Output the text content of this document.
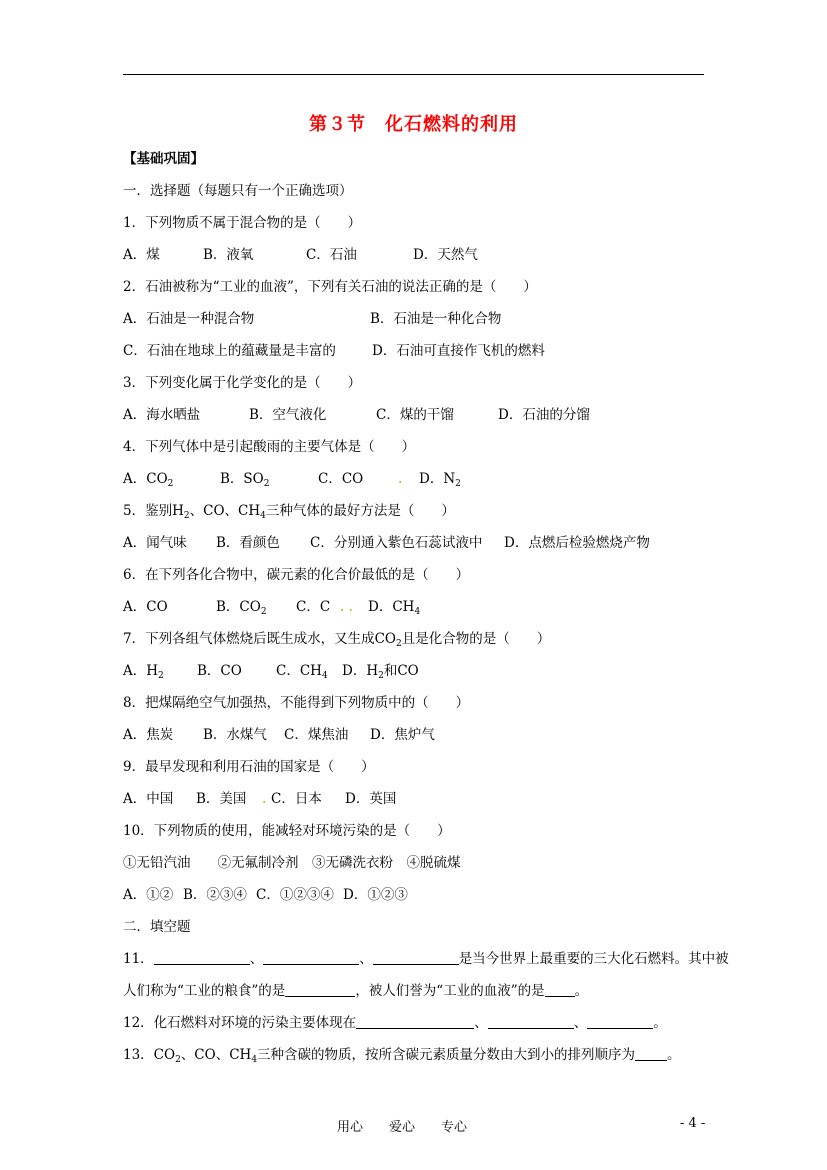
第３节　化石燃料的利用
【基础巩固】
一．选择题（每题只有一个正确选项）
1．下列物质不属于混合物的是（　　）
A．煤	B．液氧	C．石油	D．天然气
2．石油被称为“工业的血液”，下列有关石油的说法正确的是（　　）
A．石油是一种混合物	B．石油是一种化合物
C．石油在地球上的蕴藏量是丰富的	D．石油可直接作飞机的燃料
3．下列变化属于化学变化的是（　　）
A．海水晒盐	B．空气液化	C．煤的干馏	D．石油的分馏
4．下列气体中是引起酸雨的主要气体是（　　）
A．$CO_2$	B．$SO_2$	C．CO	. D．$N_2$
5．鉴别$H_2$、CO、$CH_4$三种气体的最好方法是（　　）
A．闻气味 B．看颜色 C．分别通入紫色石蕊试液中 D．点燃后检验燃烧产物
6．在下列各化合物中，碳元素的化合价最低的是（　　）
A．CO	B．$CO_2$ C．C . . D．$CH_4$
7．下列各组气体燃烧后既生成水，又生成$CO_2$且是化合物的是（　　）
A．$H_2$ B．CO	C．$CH_4$ D．$H_2$和CO
8．把煤隔绝空气加强热，不能得到下列物质中的（　　）
A．焦炭 B．水煤气 C．煤焦油 D．焦炉气
9．最早发现和利用石油的国家是（　　）
A．中国 B．美国 . C．日本 D．英国
10．下列物质的使用，能减轻对环境污染的是（　　）
①无铅汽油　　②无氟制冷剂　③无磷洗衣粉　④脱硫煤
A．①② B．②③④ C．①②③④ D．①②③
二．填空题
11．	、	、	是当今世界上最重要的三大化石燃料。其中被
人们称为“工业的粮食”的是	，被人们誉为“工业的血液”的是 。
12．化石燃料对环境的污染主要体现在	、	、	。
13．$CO_2$、CO、$CH_4$三种含碳的物质，按所含碳元素质量分数由大到小的排列顺序为 。
用心　　爱心　　专心	- 4 -
